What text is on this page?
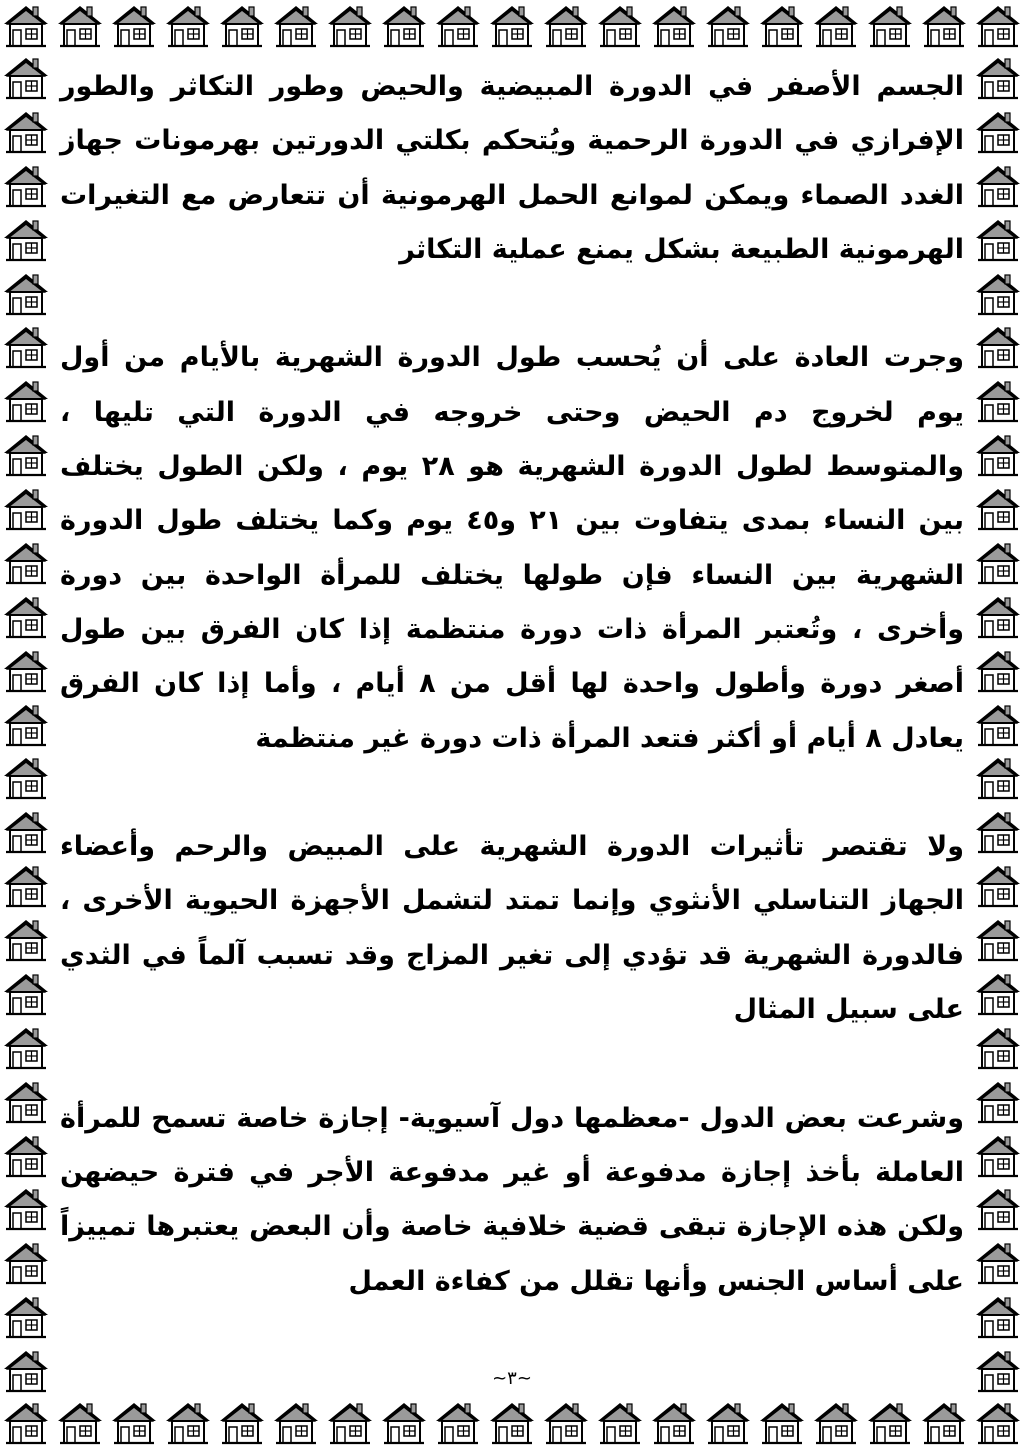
الجسم الأصفر في الدورة المبيضية والحيض وطور التكاثر والطور الإفرازي في الدورة الرحمية ويُتحكم بكلتي الدورتين بهرمونات جهاز الغدد الصماء ويمكن لموانع الحمل الهرمونية أن تتعارض مع التغيرات الهرمونية الطبيعة بشكل يمنع عملية التكاثر

وجرت العادة على أن يُحسب طول الدورة الشهرية بالأيام من أول يوم لخروج دم الحيض وحتى خروجه في الدورة التي تليها ، والمتوسط لطول الدورة الشهرية هو ٢٨ يوم ، ولكن الطول يختلف بين النساء بمدى يتفاوت بين ٢١ و٤٥ يوم وكما يختلف طول الدورة الشهرية بين النساء فإن طولها يختلف للمرأة الواحدة بين دورة وأخرى ، وتُعتبر المرأة ذات دورة منتظمة إذا كان الفرق بين طول أصغر دورة وأطول واحدة لها أقل من ٨ أيام ، وأما إذا كان الفرق يعادل ٨ أيام أو أكثر فتعد المرأة ذات دورة غير منتظمة

ولا تقتصر تأثيرات الدورة الشهرية على المبيض والرحم وأعضاء الجهاز التناسلي الأنثوي وإنما تمتد لتشمل الأجهزة الحيوية الأخرى ، فالدورة الشهرية قد تؤدي إلى تغير المزاج وقد تسبب آلماً في الثدي على سبيل المثال

وشرعت بعض الدول -معظمها دول آسيوية- إجازة خاصة تسمح للمرأة العاملة بأخذ إجازة مدفوعة أو غير مدفوعة الأجر في فترة حيضهن ولكن هذه الإجازة تبقى قضية خلافية خاصة وأن البعض يعتبرها تمييزاً على أساس الجنس وأنها تقلل من كفاءة العمل

~٣~
